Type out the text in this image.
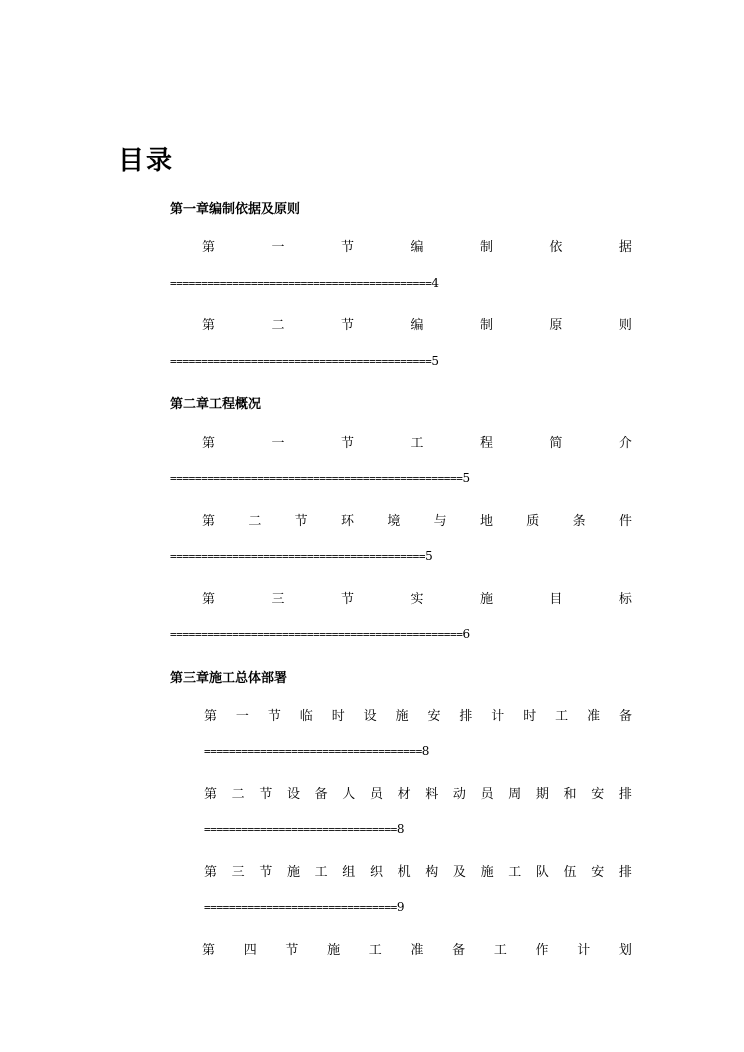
目录
第一章编制依据及原则
第	一	节	编	制	依	据
==========================================4
第	二	节	编	制	原	则
==========================================5
第二章工程概况
第	一	节	工	程	简	介
===============================================5
第	二	节	环	境	与	地	质	条	件
=========================================5
第	三	节	实	施	目	标
===============================================6
第三章施工总体部署
第 一 节 临 时 设 施 安 排 计 时 工 准 备
===================================8
第 二 节 设 备 人 员 材 料 动 员 周 期 和 安 排
===============================8
第 三 节 施 工 组 织 机 构 及 施 工 队 伍 安 排
===============================9
第 四 节 施 工 准 备 工 作 计 划
